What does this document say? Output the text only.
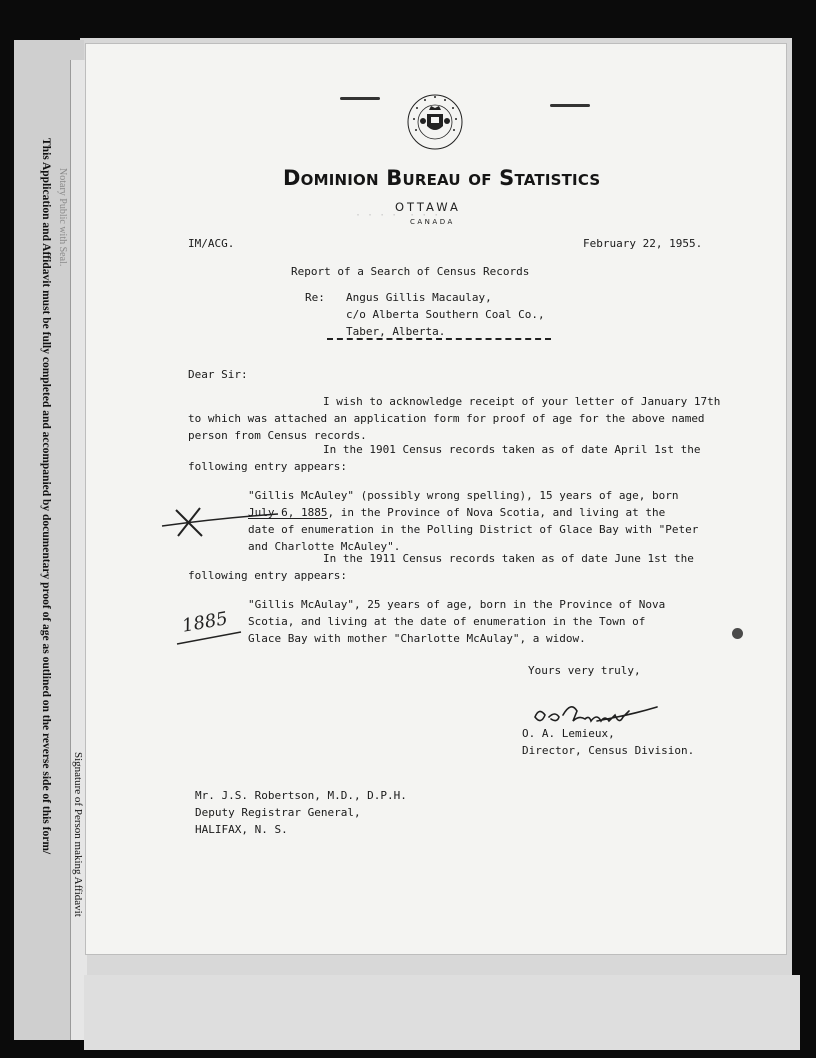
This Application and Affidavit must be fully completed and accompanied by documentary proof of age as outlined on the reverse side of this form/ Notary Public with Seal.
Signature of Person making Affidavit
Dominion Bureau of Statistics
OTTAWA
CANADA
· · · ·  · · ·
IM/ACG.	February 22, 1955.
Report of a Search of Census Records
Re: Angus Gillis Macaulay,
c/o Alberta Southern Coal Co.,
Taber, Alberta.
Dear Sir:
I wish to acknowledge receipt of your letter of January 17th
to which was attached an application form for proof of age for the above named
person from Census records.
In the 1901 Census records taken as of date April 1st the
following entry appears:
"Gillis McAuley" (possibly wrong spelling), 15 years of age, born
July 6, 1885, in the Province of Nova Scotia, and living at the
date of enumeration in the Polling District of Glace Bay with "Peter
and Charlotte McAuley".
In the 1911 Census records taken as of date June 1st the
following entry appears:
"Gillis McAulay", 25 years of age, born in the Province of Nova
Scotia, and living at the date of enumeration in the Town of
Glace Bay with mother "Charlotte McAulay", a widow.
Yours very truly,
O. A. Lemieux,
Director, Census Division.
Mr. J.S. Robertson, M.D., D.P.H.
Deputy Registrar General,
HALIFAX, N. S.
1885
